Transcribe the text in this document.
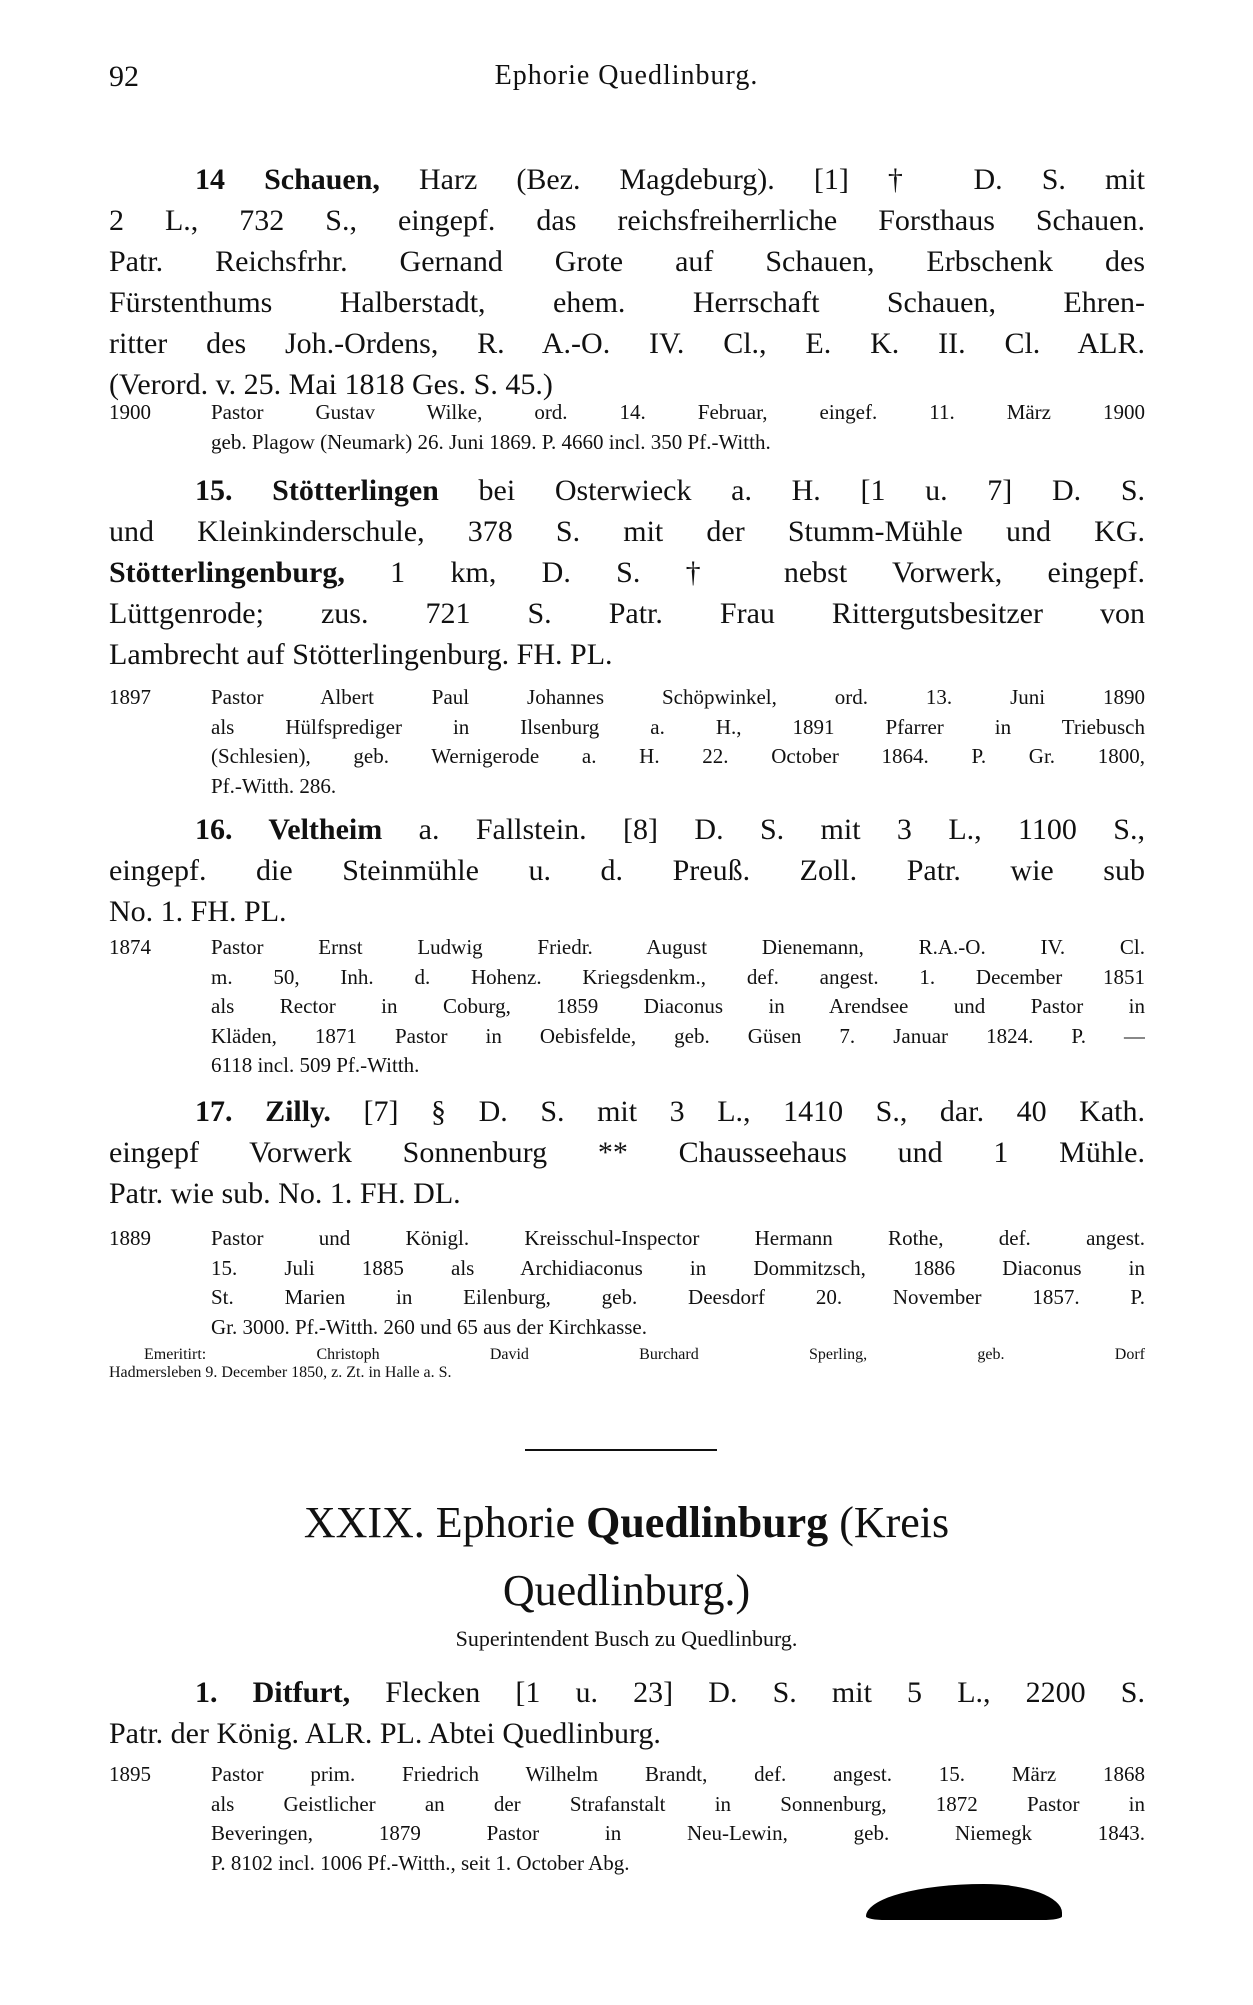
92	Ephorie Quedlinburg.
14 Schauen, Harz (Bez. Magdeburg). [1] † D. S. mit
2 L., 732 S., eingepf. das reichsfreiherrliche Forsthaus Schauen.
Patr. Reichsfrhr. Gernand Grote auf Schauen, Erbschenk des
Fürstenthums Halberstadt, ehem. Herrschaft Schauen, Ehren-
ritter des Joh.-Ordens, R. A.-O. IV. Cl., E. K. II. Cl. ALR.
(Verord. v. 25. Mai 1818 Ges. S. 45.)
1900	Pastor Gustav Wilke, ord. 14. Februar, eingef. 11. März 1900
geb. Plagow (Neumark) 26. Juni 1869. P. 4660 incl. 350 Pf.-Witth.
15. Stötterlingen bei Osterwieck a. H. [1 u. 7] D. S.
und Kleinkinderschule, 378 S. mit der Stumm-Mühle und KG.
Stötterlingenburg, 1 km, D. S. † nebst Vorwerk, eingepf.
Lüttgenrode; zus. 721 S. Patr. Frau Rittergutsbesitzer von
Lambrecht auf Stötterlingenburg. FH. PL.
1897	Pastor Albert Paul Johannes Schöpwinkel, ord. 13. Juni 1890
als Hülfsprediger in Ilsenburg a. H., 1891 Pfarrer in Triebusch
(Schlesien), geb. Wernigerode a. H. 22. October 1864. P. Gr. 1800,
Pf.-Witth. 286.
16. Veltheim a. Fallstein. [8] D. S. mit 3 L., 1100 S.,
eingepf. die Steinmühle u. d. Preuß. Zoll. Patr. wie sub
No. 1. FH. PL.
1874	Pastor Ernst Ludwig Friedr. August Dienemann, R.A.-O. IV. Cl.
m. 50, Inh. d. Hohenz. Kriegsdenkm., def. angest. 1. December 1851
als Rector in Coburg, 1859 Diaconus in Arendsee und Pastor in
Kläden, 1871 Pastor in Oebisfelde, geb. Güsen 7. Januar 1824. P. —
6118 incl. 509 Pf.-Witth.
17. Zilly. [7] § D. S. mit 3 L., 1410 S., dar. 40 Kath.
eingepf Vorwerk Sonnenburg ** Chausseehaus und 1 Mühle.
Patr. wie sub. No. 1. FH. DL.
1889	Pastor und Königl. Kreisschul-Inspector Hermann Rothe, def. angest.
15. Juli 1885 als Archidiaconus in Dommitzsch, 1886 Diaconus in
St. Marien in Eilenburg, geb. Deesdorf 20. November 1857. P.
Gr. 3000. Pf.-Witth. 260 und 65 aus der Kirchkasse.
Emeritirt: Christoph David Burchard Sperling, geb. Dorf
Hadmersleben 9. December 1850, z. Zt. in Halle a. S.
1. Ditfurt, Flecken [1 u. 23] D. S. mit 5 L., 2200 S.
Patr. der König. ALR. PL. Abtei Quedlinburg.
1895	Pastor prim. Friedrich Wilhelm Brandt, def. angest. 15. März 1868
als Geistlicher an der Strafanstalt in Sonnenburg, 1872 Pastor in
Beveringen, 1879 Pastor in Neu-Lewin, geb. Niemegk 1843.
P. 8102 incl. 1006 Pf.-Witth., seit 1. October Abg.
XXIX. Ephorie Quedlinburg (Kreis
Quedlinburg.)
Superintendent Busch zu Quedlinburg.
